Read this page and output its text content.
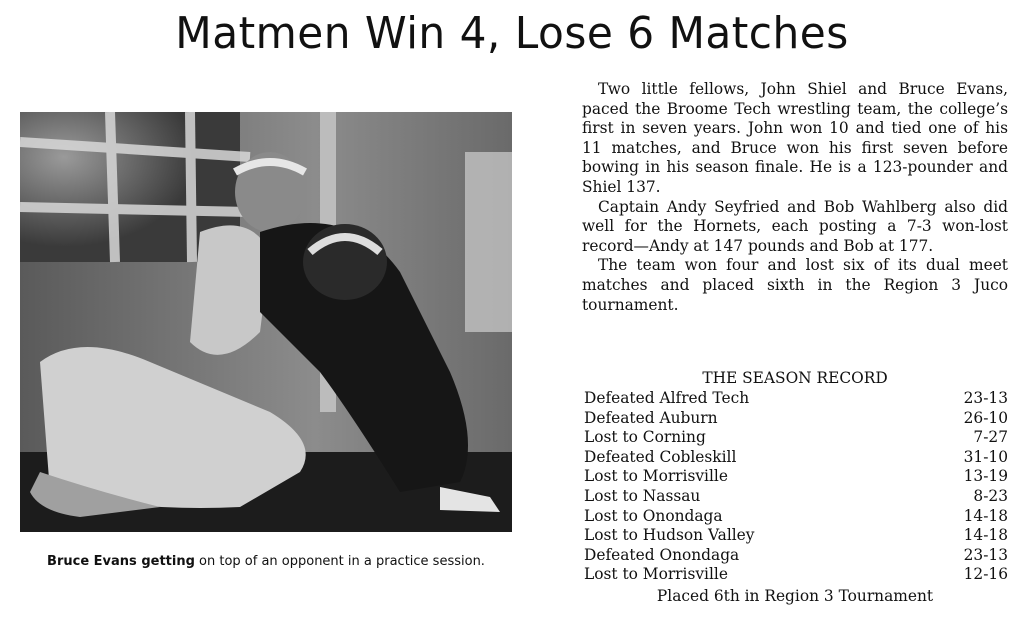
Matmen Win 4, Lose 6 Matches
Bruce Evans getting on top of an opponent in a practice session.

Two little fellows, John Shiel and Bruce Evans, paced the Broome Tech wrestling team, the college’s first in seven years. John won 10 and tied one of his 11 matches, and Bruce won his first seven before bowing in his season finale. He is a 123-pounder and Shiel 137.

Captain Andy Seyfried and Bob Wahlberg also did well for the Hornets, each posting a 7-3 won-lost record—Andy at 147 pounds and Bob at 177.

The team won four and lost six of its dual meet matches and placed sixth in the Region 3 Juco tournament.

THE SEASON RECORD
Defeated Alfred Tech	23-13
Defeated Auburn	26-10
Lost to Corning	7-27
Defeated Cobleskill	31-10
Lost to Morrisville	13-19
Lost to Nassau	8-23
Lost to Onondaga	14-18
Lost to Hudson Valley	14-18
Defeated Onondaga	23-13
Lost to Morrisville	12-16
Placed 6th in Region 3 Tournament
